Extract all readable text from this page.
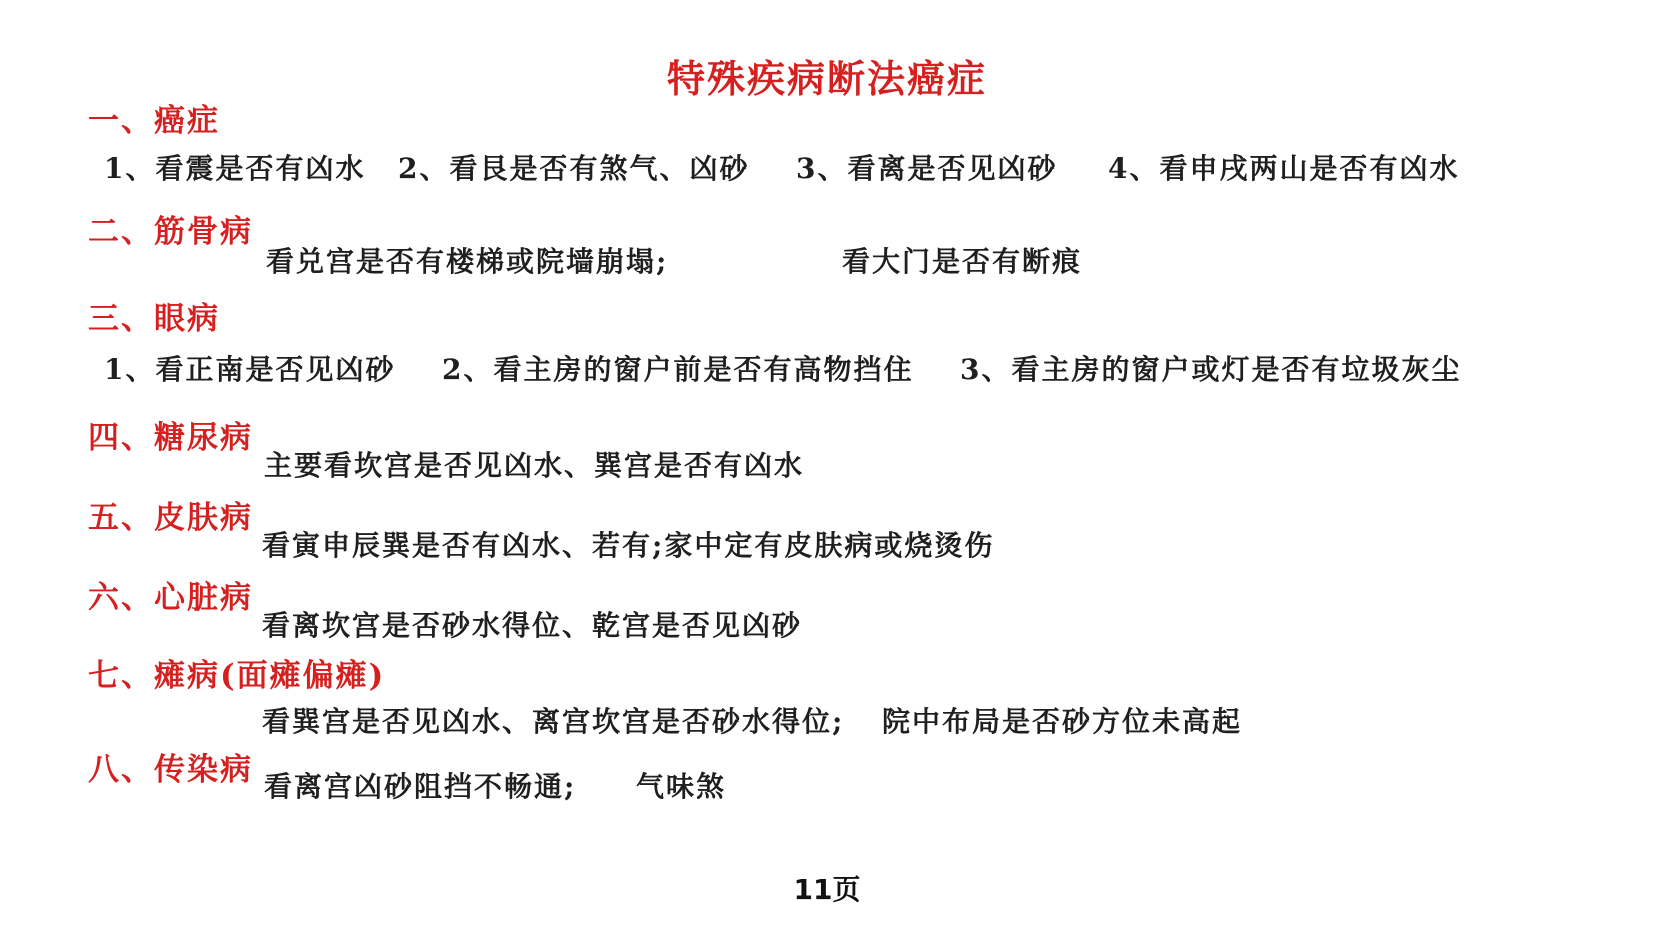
特殊疾病断法癌症
一、癌症
1、看震是否有凶水 2、看艮是否有煞气、凶砂 3、看离是否见凶砂 4、看申戌两山是否有凶水
二、筋骨病
看兑宫是否有楼梯或院墙崩塌;	看大门是否有断痕
三、眼病
1、看正南是否见凶砂 2、看主房的窗户前是否有高物挡住 3、看主房的窗户或灯是否有垃圾灰尘
四、糖尿病
主要看坎宫是否见凶水、巽宫是否有凶水
五、皮肤病
看寅申辰巽是否有凶水、若有;家中定有皮肤病或烧烫伤
六、心脏病
看离坎宫是否砂水得位、乾宫是否见凶砂
七、瘫病(面瘫偏瘫)
看巽宫是否见凶水、离宫坎宫是否砂水得位; 院中布局是否砂方位未高起
八、传染病 看离宫凶砂阻挡不畅通; 气味煞
11页
